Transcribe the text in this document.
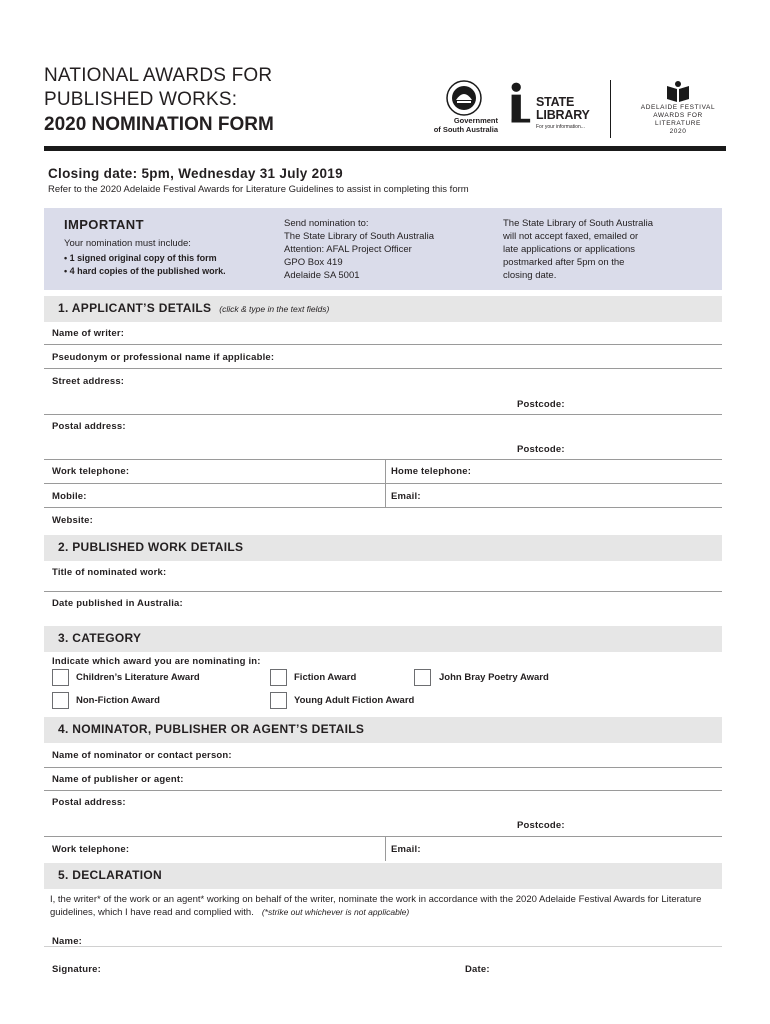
NATIONAL AWARDS FOR
PUBLISHED WORKS:
2020 NOMINATION FORM	Government
of South Australia
STATE
LIBRARY
For your information...
ADELAIDE FESTIVAL
AWARDS FOR LITERATURE
2020
Closing date: 5pm, Wednesday 31 July 2019
Refer to the 2020 Adelaide Festival Awards for Literature Guidelines to assist in completing this form
IMPORTANT
Your nomination must include:
• 1 signed original copy of this form
• 4 hard copies of the published work.
Send nomination to:
The State Library of South Australia
Attention: AFAL Project Officer
GPO Box 419
Adelaide SA 5001
The State Library of South Australia
will not accept faxed, emailed or
late applications or applications
postmarked after 5pm on the
closing date.
1. APPLICANT’S DETAILS (click & type in the text fields)
Name of writer:
Pseudonym or professional name if applicable:
Street address:
Postcode:
Postal address:
Postcode:
Work telephone:	Home telephone:
Mobile:	Email:
Website:
2. PUBLISHED WORK DETAILS
Title of nominated work:
Date published in Australia:
3. CATEGORY
Indicate which award you are nominating in:
Children’s Literature Award	Fiction Award	John Bray Poetry Award
Non-Fiction Award	Young Adult Fiction Award
4. NOMINATOR, PUBLISHER OR AGENT’S DETAILS
Name of nominator or contact person:
Name of publisher or agent:
Postal address:
Postcode:
Work telephone:	Email:
5. DECLARATION
I, the writer* of the work or an agent* working on behalf of the writer, nominate the work in accordance with the 2020 Adelaide Festival Awards for Literature guidelines, which I have read and complied with. (*strike out whichever is not applicable)
Name:
Signature:	Date:
